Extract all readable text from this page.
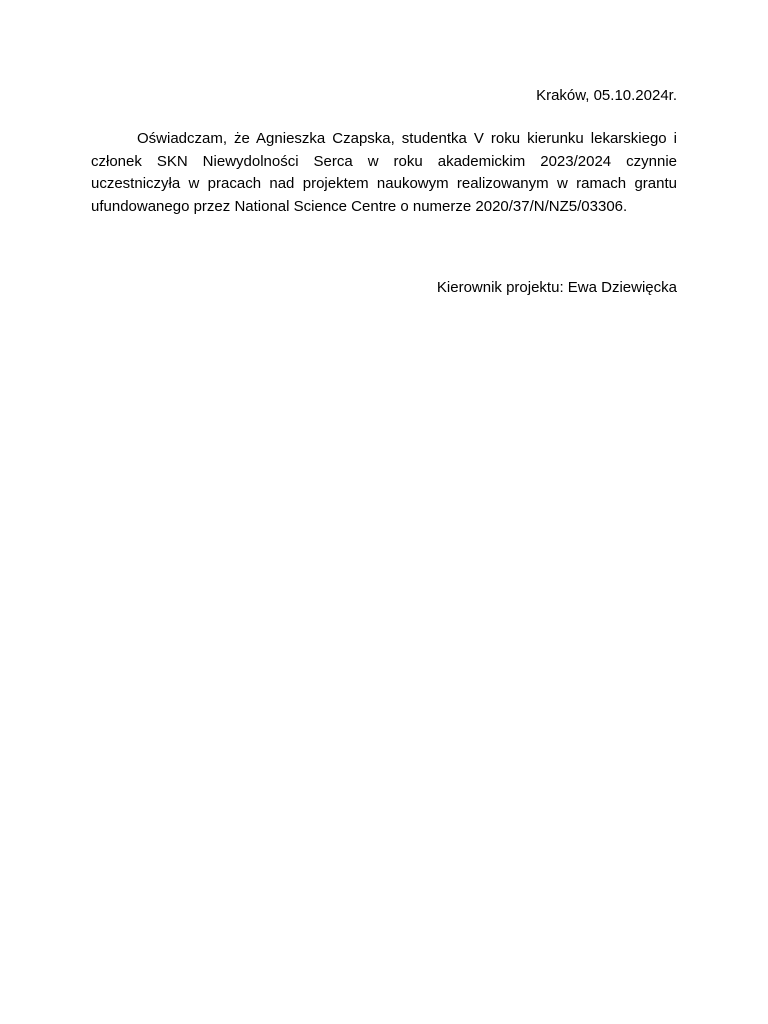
Kraków, 05.10.2024r.

Oświadczam, że Agnieszka Czapska, studentka V roku kierunku lekarskiego i członek SKN Niewydolności Serca w roku akademickim 2023/2024 czynnie uczestniczyła w pracach nad projektem naukowym realizowanym w ramach grantu ufundowanego przez National Science Centre o numerze 2020/37/N/NZ5/03306.

Kierownik projektu: Ewa Dziewięcka
